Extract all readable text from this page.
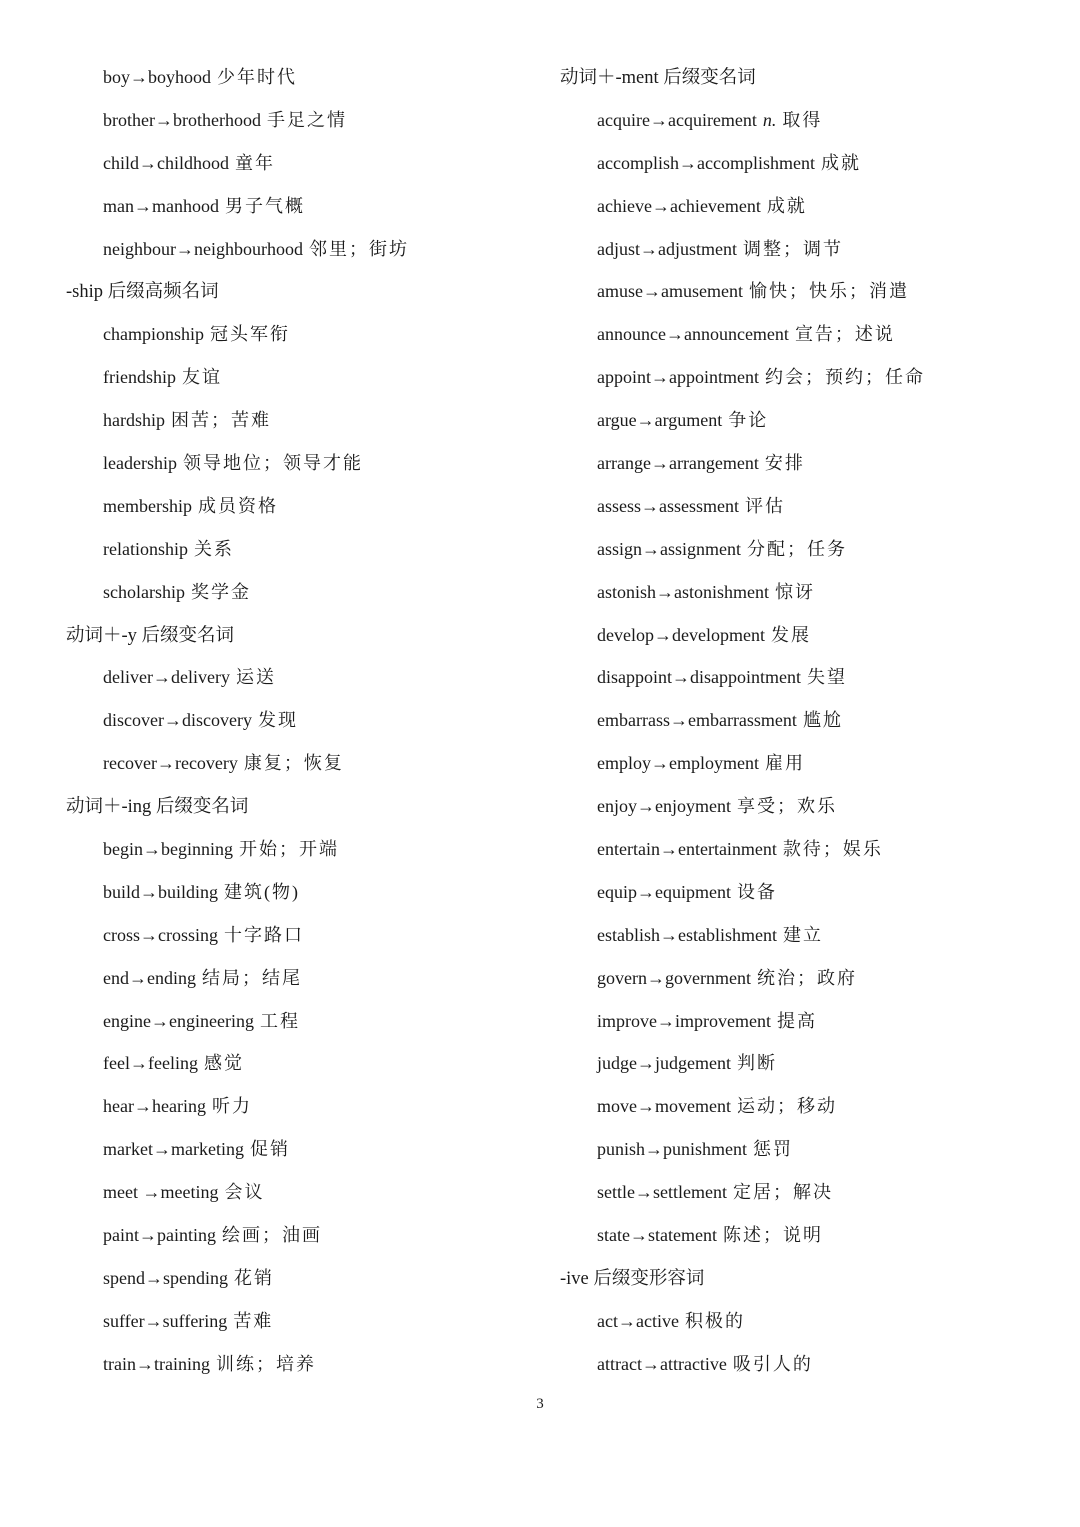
boy→boyhood 少年时代
brother→brotherhood 手足之情
child→childhood 童年
man→manhood 男子气概
neighbour→neighbourhood 邻里；街坊
-ship 后缀高频名词
championship 冠头军衔
friendship 友谊
hardship 困苦；苦难
leadership 领导地位；领导才能
membership 成员资格
relationship 关系
scholarship 奖学金
动词＋-y 后缀变名词
deliver→delivery 运送
discover→discovery 发现
recover→recovery 康复；恢复
动词＋-ing 后缀变名词
begin→beginning 开始；开端
build→building 建筑(物)
cross→crossing 十字路口
end→ending 结局；结尾
engine→engineering 工程
feel→feeling 感觉
hear→hearing 听力
market→marketing 促销
meet →meeting 会议
paint→painting 绘画；油画
spend→spending 花销
suffer→suffering 苦难
train→training 训练；培养
动词＋-ment 后缀变名词
acquire→acquirement n. 取得
accomplish→accomplishment 成就
achieve→achievement 成就
adjust→adjustment 调整；调节
amuse→amusement 愉快；快乐；消遣
announce→announcement 宣告；述说
appoint→appointment 约会；预约；任命
argue→argument 争论
arrange→arrangement 安排
assess→assessment 评估
assign→assignment 分配；任务
astonish→astonishment 惊讶
develop→development 发展
disappoint→disappointment 失望
embarrass→embarrassment 尴尬
employ→employment 雇用
enjoy→enjoyment 享受；欢乐
entertain→entertainment 款待；娱乐
equip→equipment 设备
establish→establishment 建立
govern→government 统治；政府
improve→improvement 提高
judge→judgement 判断
move→movement 运动；移动
punish→punishment 惩罚
settle→settlement 定居；解决
state→statement 陈述；说明
-ive 后缀变形容词
act→active 积极的
attract→attractive 吸引人的
3
